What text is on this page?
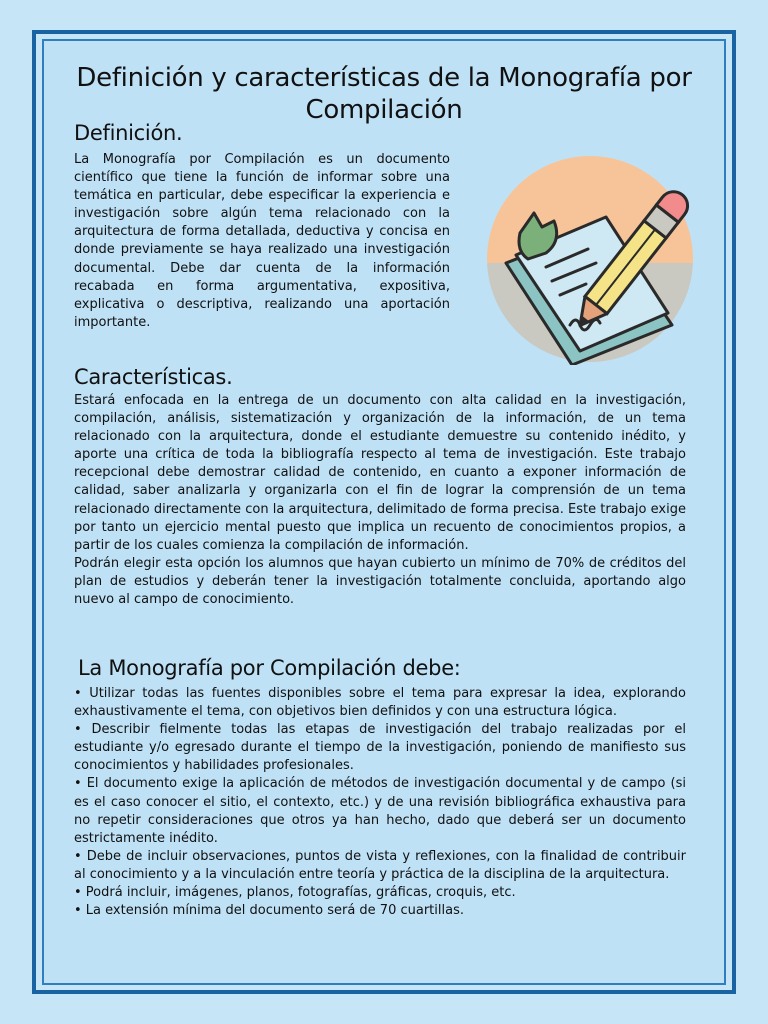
Definición y características de la Monografía por Compilación
Definición.
La Monografía por Compilación es un documento científico que tiene la función de informar sobre una temática en particular, debe especificar la experiencia e investigación sobre algún tema relacionado con la arquitectura de forma detallada, deductiva y concisa en donde previamente se haya realizado una investigación documental. Debe dar cuenta de la información recabada en forma argumentativa, expositiva, explicativa o descriptiva, realizando una aportación importante.
Características.
Estará enfocada en la entrega de un documento con alta calidad en la investigación, compilación, análisis, sistematización y organización de la información, de un tema relacionado con la arquitectura, donde el estudiante demuestre su contenido inédito, y aporte una crítica de toda la bibliografía respecto al tema de investigación. Este trabajo recepcional debe demostrar calidad de contenido, en cuanto a exponer información de calidad, saber analizarla y organizarla con el fin de lograr la comprensión de un tema relacionado directamente con la arquitectura, delimitado de forma precisa. Este trabajo exige por tanto un ejercicio mental puesto que implica un recuento de conocimientos propios, a partir de los cuales comienza la compilación de información.
Podrán elegir esta opción los alumnos que hayan cubierto un mínimo de 70% de créditos del plan de estudios y deberán tener la investigación totalmente concluida, aportando algo nuevo al campo de conocimiento.
La Monografía por Compilación debe:
• Utilizar todas las fuentes disponibles sobre el tema para expresar la idea, explorando exhaustivamente el tema, con objetivos bien definidos y con una estructura lógica.
• Describir fielmente todas las etapas de investigación del trabajo realizadas por el estudiante y/o egresado durante el tiempo de la investigación, poniendo de manifiesto sus conocimientos y habilidades profesionales.
• El documento exige la aplicación de métodos de investigación documental y de campo (si es el caso conocer el sitio, el contexto, etc.) y de una revisión bibliográfica exhaustiva para no repetir consideraciones que otros ya han hecho, dado que deberá ser un documento estrictamente inédito.
• Debe de incluir observaciones, puntos de vista y reflexiones, con la finalidad de contribuir al conocimiento y a la vinculación entre teoría y práctica de la disciplina de la arquitectura.
• Podrá incluir, imágenes, planos, fotografías, gráficas, croquis, etc.
• La extensión mínima del documento será de 70 cuartillas.
